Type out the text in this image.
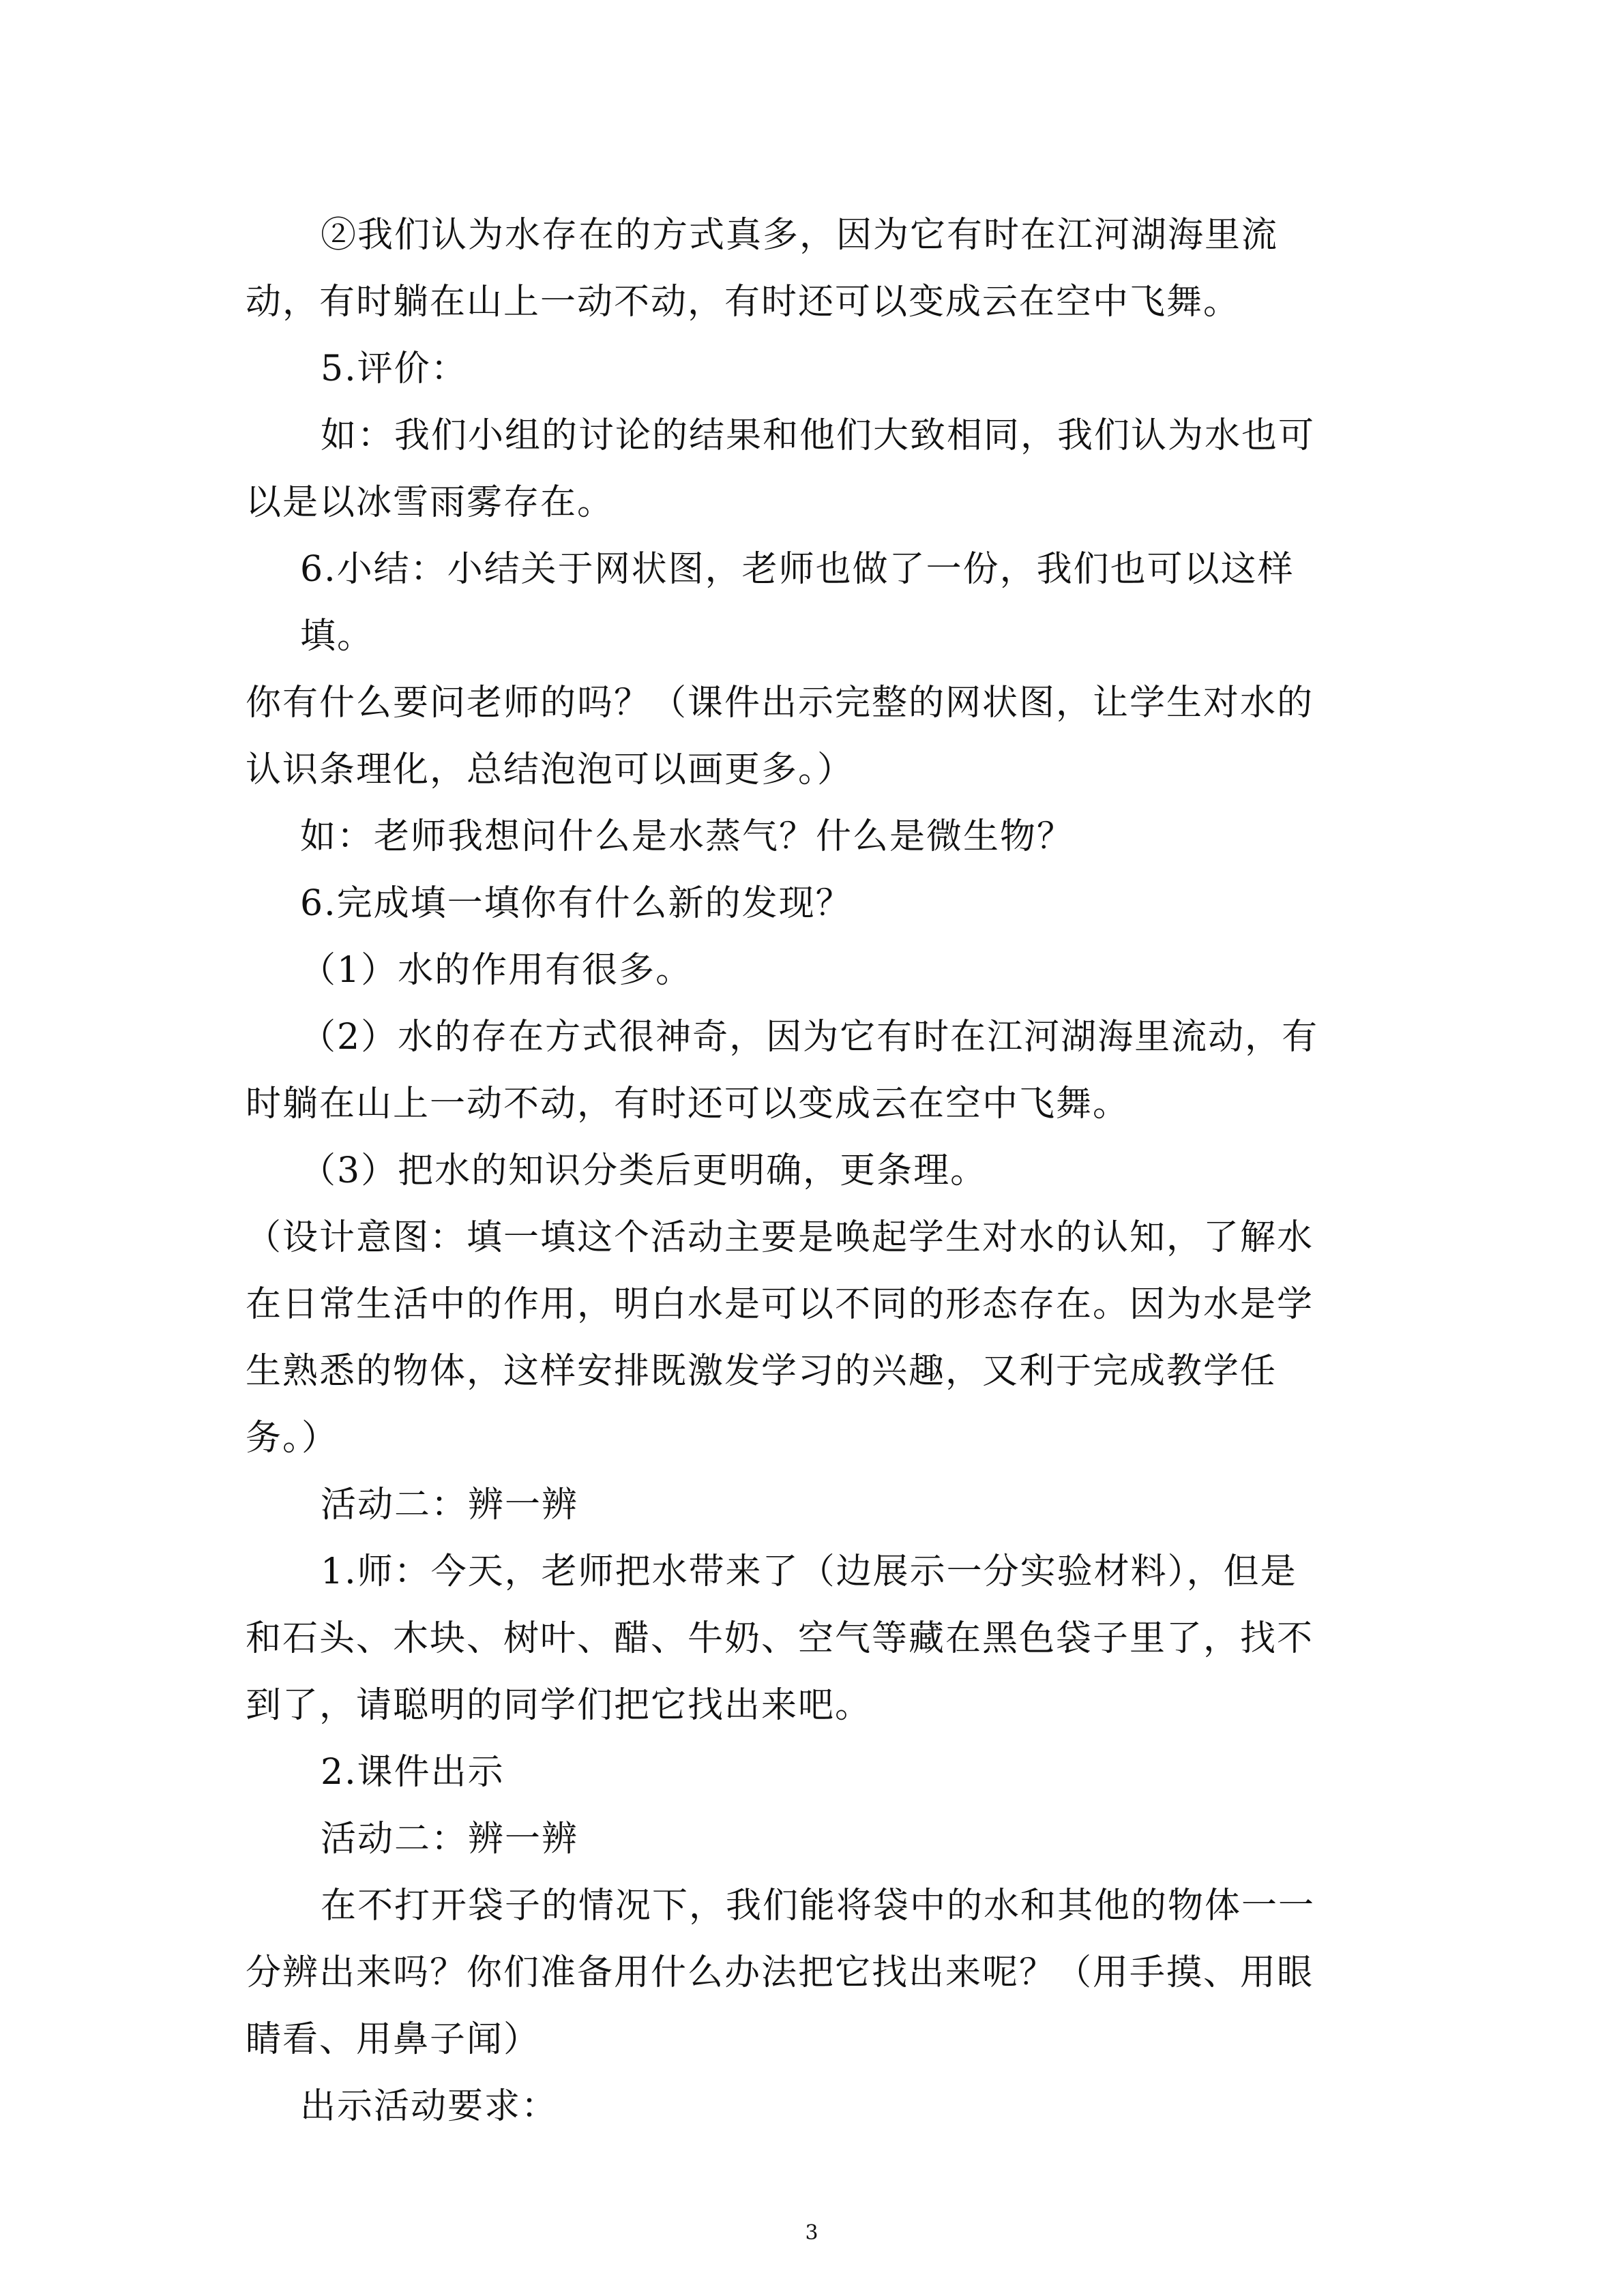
②我们认为水存在的方式真多，因为它有时在江河湖海里流
动，有时躺在山上一动不动，有时还可以变成云在空中飞舞。
5.评价：
如：我们小组的讨论的结果和他们大致相同，我们认为水也可
以是以冰雪雨雾存在。
6.小结：小结关于网状图，老师也做了一份，我们也可以这样
填。
你有什么要问老师的吗？（课件出示完整的网状图，让学生对水的
认识条理化，总结泡泡可以画更多。）
如：老师我想问什么是水蒸气？什么是微生物？
6.完成填一填你有什么新的发现？
（1）水的作用有很多。
（2）水的存在方式很神奇，因为它有时在江河湖海里流动，有
时躺在山上一动不动，有时还可以变成云在空中飞舞。
（3）把水的知识分类后更明确，更条理。
（设计意图：填一填这个活动主要是唤起学生对水的认知，了解水
在日常生活中的作用，明白水是可以不同的形态存在。因为水是学
生熟悉的物体，这样安排既激发学习的兴趣，又利于完成教学任
务。）
活动二：辨一辨
1.师：今天，老师把水带来了（边展示一分实验材料），但是
和石头、木块、树叶、醋、牛奶、空气等藏在黑色袋子里了，找不
到了，请聪明的同学们把它找出来吧。
2.课件出示
活动二：辨一辨
在不打开袋子的情况下，我们能将袋中的水和其他的物体一一
分辨出来吗？你们准备用什么办法把它找出来呢？（用手摸、用眼
睛看、用鼻子闻）
出示活动要求：
3
